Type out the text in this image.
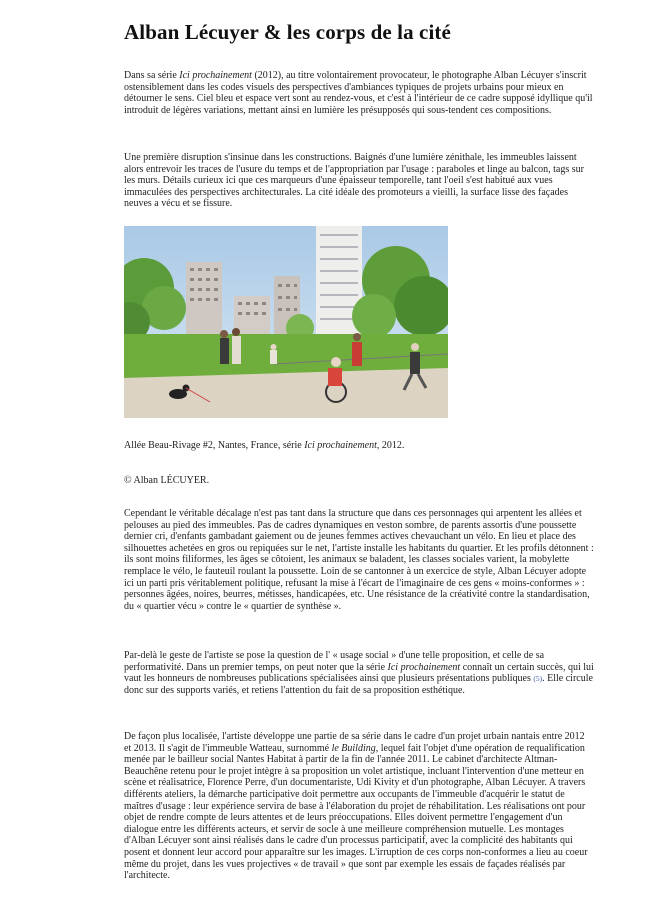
Alban Lécuyer & les corps de la cité

Dans sa série Ici prochainement (2012), au titre volontairement provocateur, le photographe Alban Lécuyer s'inscrit ostensiblement dans les codes visuels des perspectives d'ambiances typiques de projets urbains pour mieux en détourner le sens. Ciel bleu et espace vert sont au rendez-vous, et c'est à l'intérieur de ce cadre supposé idyllique qu'il introduit de légères variations, mettant ainsi en lumière les présupposés qui sous-tendent ces compositions.

Une première disruption s'insinue dans les constructions. Baignés d'une lumière zénithale, les immeubles laissent alors entrevoir les traces de l'usure du temps et de l'appropriation par l'usage : paraboles et linge au balcon, tags sur les murs. Détails curieux ici que ces marqueurs d'une épaisseur temporelle, tant l'oeil s'est habitué aux vues immaculées des perspectives architecturales. La cité idéale des promoteurs a vieilli, la surface lisse des façades neuves a vécu et se fissure.

Allée Beau-Rivage #2, Nantes, France, série Ici prochainement, 2012.

© Alban LÉCUYER.

Cependant le véritable décalage n'est pas tant dans la structure que dans ces personnages qui arpentent les allées et pelouses au pied des immeubles. Pas de cadres dynamiques en veston sombre, de parents assortis d'une poussette dernier cri, d'enfants gambadant gaiement ou de jeunes femmes actives chevauchant un vélo. En lieu et place des silhouettes achetées en gros ou repiquées sur le net, l'artiste installe les habitants du quartier. Et les profils détonnent : ils sont moins filiformes, les âges se côtoient, les animaux se baladent, les classes sociales varient, la mobylette remplace le vélo, le fauteuil roulant la poussette. Loin de se cantonner à un exercice de style, Alban Lécuyer adopte ici un parti pris véritablement politique, refusant la mise à l'écart de l'imaginaire de ces gens « moins-conformes » : personnes âgées, noires, beurres, métisses, handicapées, etc. Une résistance de la créativité contre la standardisation, du « quartier vécu » contre le « quartier de synthèse ».

Par-delà le geste de l'artiste se pose la question de l' « usage social » d'une telle proposition, et celle de sa performativité. Dans un premier temps, on peut noter que la série Ici prochainement connaît un certain succès, qui lui vaut les honneurs de nombreuses publications spécialisées ainsi que plusieurs présentations publiques (5). Elle circule donc sur des supports variés, et retiens l'attention du fait de sa proposition esthétique.

De façon plus localisée, l'artiste développe une partie de sa série dans le cadre d'un projet urbain nantais entre 2012 et 2013. Il s'agit de l'immeuble Watteau, surnommé le Building, lequel fait l'objet d'une opération de requalification menée par le bailleur social Nantes Habitat à partir de la fin de l'année 2011. Le cabinet d'architecte Altman-Beauchêne retenu pour le projet intègre à sa proposition un volet artistique, incluant l'intervention d'une metteur en scène et réalisatrice, Florence Perre, d'un documentariste, Udi Kivity et d'un photographe, Alban Lécuyer. A travers différents ateliers, la démarche participative doit permettre aux occupants de l'immeuble d'acquérir le statut de maîtres d'usage : leur expérience servira de base à l'élaboration du projet de réhabilitation. Les réalisations ont pour objet de rendre compte de leurs attentes et de leurs préoccupations. Elles doivent permettre l'engagement d'un dialogue entre les différents acteurs, et servir de socle à une meilleure compréhension mutuelle. Les montages d'Alban Lécuyer sont ainsi réalisés dans le cadre d'un processus participatif, avec la complicité des habitants qui posent et donnent leur accord pour apparaître sur les images. L'irruption de ces corps non-conformes a lieu au coeur même du projet, dans les vues projectives « de travail » que sont par exemple les essais de façades réalisés par l'architecte.
